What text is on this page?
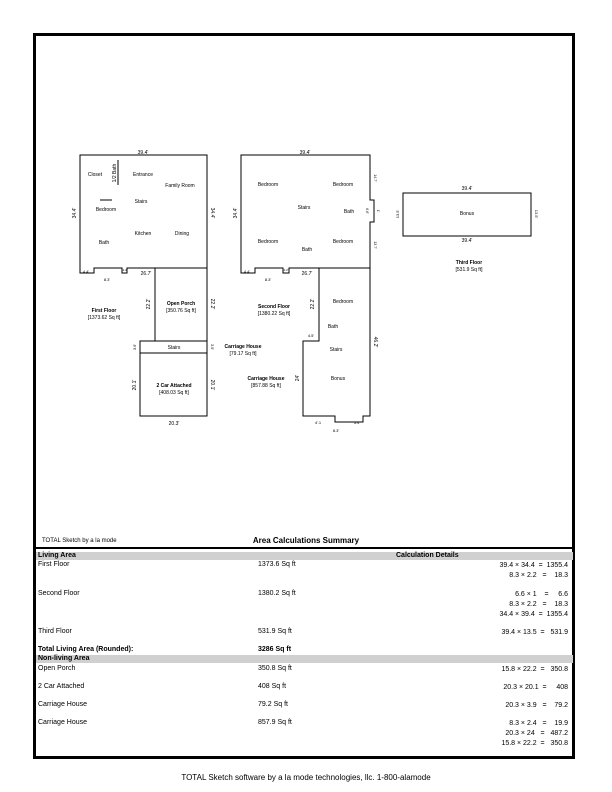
39.4'
34.4'	34.4'
26.7'
4.4'
8.3'
2.2'
Closet 1/2 Bath	Entrance
Family Room
Bedroom
Stairs
Kitchen	Dining
Bath
First Floor
[1373.62 Sq ft]
22.2'	22.2'
Open Porch
[350.76 Sq ft]
Stairs
3.9'	3.9' Carriage House
[79.17 Sq ft]
20.1'	20.1'
2 Car Attached
[408.03 Sq ft]
20.3'
39.4'
34.4'
26.7'
4.4'
8.3'
2.2'
14.7'
6.6' 1'
13.7'
Bedroom	Bedroom
Stairs
Bath
Bedroom
Bath
Bedroom
Second Floor
[1380.22 Sq ft]
22.2'
46.2'
4.5'
24'
4'.1	5.4'
8.3'
Bedroom
Bath
Stairs
Bonus
Carriage House
[857.88 Sq ft]
39.4'
39.4'
13.5'	13.5'
Bonus
Third Floor
[531.9 Sq ft]
TOTAL Sketch by a la mode	Area Calculations Summary
Living Area	Calculation Details
First Floor	1373.6 Sq ft	39.4 × 34.4  =  1355.4
8.3 × 2.2   =    18.3
Second Floor	1380.2 Sq ft	6.6 × 1    =     6.6
8.3 × 2.2   =    18.3
34.4 × 39.4  =  1355.4
Third Floor	531.9 Sq ft	39.4 × 13.5  =   531.9
Total Living Area (Rounded):	3286 Sq ft
Non-living Area
Open Porch	350.8 Sq ft	15.8 × 22.2  =   350.8
2 Car Attached	408 Sq ft	20.3 × 20.1  =     408
Carriage House	79.2 Sq ft	20.3 × 3.9   =    79.2
Carriage House	857.9 Sq ft	8.3 × 2.4   =    19.9
20.3 × 24   =   487.2
15.8 × 22.2  =   350.8
TOTAL Sketch software by a la mode technologies, llc. 1-800-alamode
